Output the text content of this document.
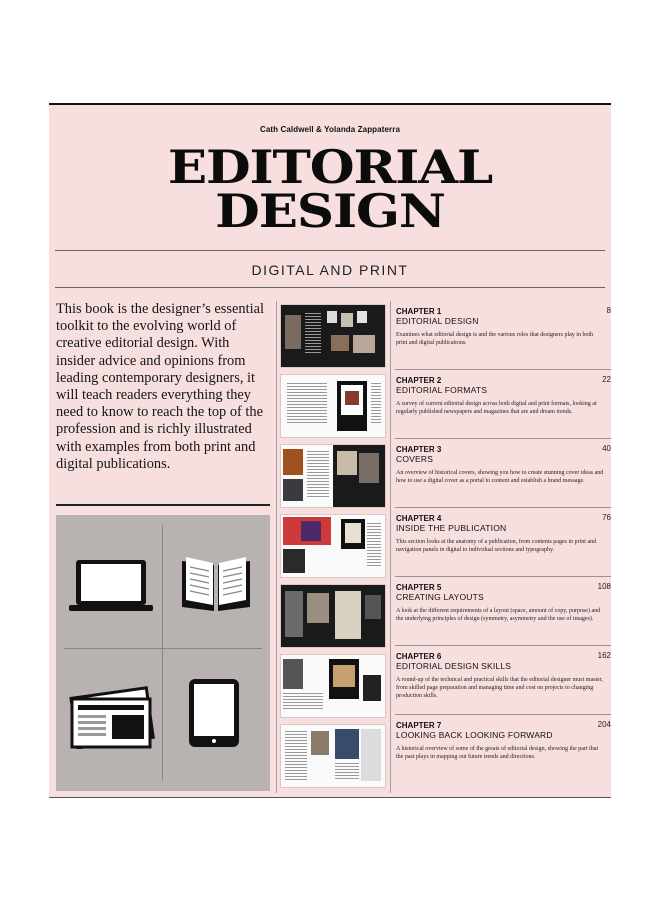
Cath Caldwell & Yolanda Zappaterra
EDITORIAL
DESIGN
DIGITAL AND PRINT
This book is the designer’s essential toolkit to the evolving world of creative editorial design. With insider advice and opinions from leading contemporary designers, it will teach readers everything they need to know to reach the top of the profession and is richly illustrated with examples from both print and digital publications.
CHAPTER 1
EDITORIAL DESIGN
8
Examines what editorial design is and the various roles that designers play in both print and digital publications.
CHAPTER 2
EDITORIAL FORMATS
22
A survey of current editorial design across both digital and print formats, looking at regularly published newspapers and magazines that are and dream trends.
CHAPTER 3
COVERS
40
An overview of historical covers, showing you how to create stunning cover ideas and how to use a digital cover as a portal to content and establish a brand message.
CHAPTER 4
INSIDE THE PUBLICATION
76
This section looks at the anatomy of a publication, from contents pages in print and navigation panels in digital to individual sections and typography.
CHAPTER 5
CREATING LAYOUTS
108
A look at the different requirements of a layout (space, amount of copy, purpose) and the underlying principles of design (symmetry, asymmetry and the use of images).
CHAPTER 6
EDITORIAL DESIGN SKILLS
162
A round-up of the technical and practical skills that the editorial designer must master, from skilled page preparation and managing time and cost on projects to changing production skills.
CHAPTER 7
LOOKING BACK LOOKING FORWARD
204
A historical overview of some of the greats of editorial design, showing the part that the past plays in mapping out future trends and directions.
